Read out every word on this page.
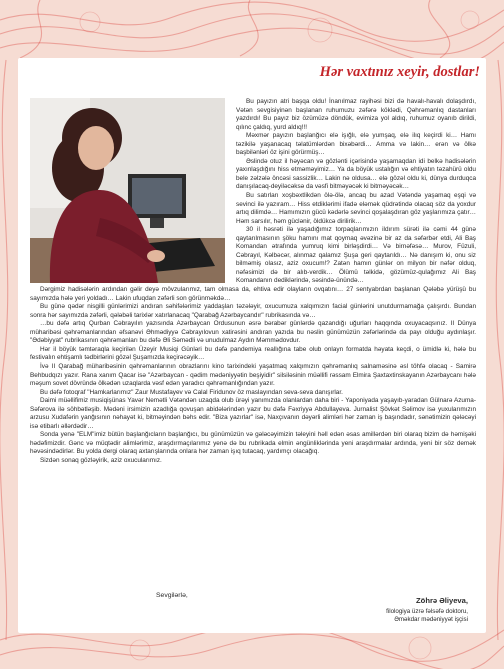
Hər vaxtınız xeyir, dostlar!

Bu payızın atri başqa oldu! İnanılmaz rayihəsi bizi də havalı-havalı dolaşdırdı, Vətən sevgisiyinən başlanan ruhumuzu zəfərə köklədi, Qəhrəmanlıq dastanları yazdırdı! Bu payız biz özümüzə döndük, evimiza yol aldıq, ruhumuz oyanıb dirildi, qılınc çaldıq, yurd aldıq!!!

Məxmər payızın başlanğıcı elə işığlı, elə yumşaq, elə ilıq keçirdi ki… Hamı təzikilə yaşanacaq təlatümlərdən bixəbərdi… Amma və lakin… erən və ölkə başbilənləri öz işini görürmüş…

Əslində otuz il həyəcan və gözlənti içərisində yaşamaqdan idi belkə hadisələrin yaxınlaşdığını hiss etməməyimiz… Ya da böyük ustalığın və ehtiyatın təzahürü oldu bele zəlzələ öncəsi sassizlik… Lakin nə oldusa… elə gözəl oldu ki, dünya durduqca danışılacaq-deyiləcəksə da vəsfi bitməyəcək ki bitməyəcək…

Bu satırları xoşbəxtlikdən ölə-ölə, ancaq bu azad Vətəndə yaşamaq eşqi və sevinci ilə yazıram… Hiss etdiklərimi ifadə eləmək qüdrətində olacaq söz da yoxdur artıq dilimdə… Hamımızın gücü kədərlə sevinci qoşalaşdıran göz yaşlarımıza çatır… Həm sarsılır, həm güclənir, öldükcə dirilirik…

30 il həsrəti ilə yaşadığımız torpaqlarımızın ildırım sürəti ilə cəmi 44 günə qaytarılmasının şöku hamını mat qoymaq əvəzinə bir az da səfərbər etdi, Ali Baş Komandan ətrafında yumruq kimi birləşdirdi… Və birnəfəsə… Murov, Füzuli, Cəbrayıl, Kəlbəcər, alınmaz qalamız Şuşa geri qaytarıldı… Nə danışım ki, onu siz bilməmiş olasız, aziz oxucum!? Zatən hamın günlər on milyon bir nəfər olduq, nəfəsimizi də bir alıb-verdik… Ölümü təlkidə, gözümüz-qulağımız Ali Baş Komandanın dediklərində, səsində-ünündə…

Dərgimiz hadisələrin ardından gəlir deyə mövzularımız, tam olmasa da, ehtiva edir olayların ovqatını… 27 sentyabrdan başlanan Qələbə yürüşü bu sayımızda hələ yeri yoldadı… Lakin ufuqdan zəfərli son görünməkdə…

Bu günə qədər nisgilli günlərimizi andıran səhifələrimiz yaddaşları təzələyir, oxucumuza xalqımızın facial günlərini unutdurmamağa çalışırdı. Bundan sonra hər sayımızda zəfərli, qələbəli tarixlər xatırlanacaq "Qarabağ Azərbaycandır" rubrikasında və…

…bu dəfə artıq Qurban Cəbrayılın yazısında Azərbaycan Ordusunun əsrə bərabər günlərdə qazandığı uğurları haqqında oxuyacaqsınız. II Dünya müharibəsi qəhrəmanlarından əfsanəvi Əhmədiyyə Cəbrayılovun xatirəsini andıran yazıda bu nəslin günümüzün zəfərlərində da payı olduğu aydınlaşır. "Ədəbiyyat" rubrikasının qəhrəmanları bu dəfə Əli Səmədli və unudulmaz Aydın Məmmədovdur.

Hər il böyük təmtəraqla keçirilən Üzeyir Musiqi Günləri bu dəfə pandemiya reallığına tabe olub onlayn formatda həyata keçdi, o ümidlə ki, hələ bu festivalın ehtişamlı tədbirlərini gözəl Şuşamızda keçirəcəyik…

İvə II Qarabağ müharibəsinin qəhrəmanlarının obrazlarını kino tarixindeki yaşatmaq xalqımızın qəhrəmanlıq salnaməsinə əsl töhfə olacaq - Samirə Behbudqızı yazır. Rana xanım Qacar isə "Azərbaycan - qədim mədəniyyətin beşiyidir" silsiləsinin müəllifi rəssam Elmira Şaxtaxtinskayanın Azərbaycanı hələ məşum sovet dövründə ölkədən uzaqlarda vəsf edən yaradıcı qəhrəmanlığından yazır.

Bu dəfə fotoqraf "Hamkarlarımız" Zaur Mustafayev və Calal Firidunov öz maslayından seva-seva danışırlar.

Daimi müəllifimiz musiqişünas Yavər Nemətli Vətəndən uzaqda olub ürəyi yanımızda olanlardan daha biri - Yaponiyada yaşayıb-yaradan Gülnarə Azuma-Səfərova ilə söhbətləşib. Mədəni irsimizin azadlığa qovuşan abidələrindən yazır bu dəfə Fəxriyyə Abdullayeva. Jurnalist Şövkət Səlimov isə yuxularımızın arzusu Xudafərin yanğısının nəhayət ki, bitməyindən bəhs edir. "Biza yazırlar" isə, Naxçıvanın dəyərli alimləri hər zaman iş başındadır, sənətimizin qələcəyi isə etibarlı əllərdədir…

Sonda yenə "ELM"imiz bütün başlanğıcların başlanğıcı, bu günümüzün və gələcəyimizin təleyini həll edən əsas amillərdən biri olaraq bizim də həmişəki hədəfimizdir. Gənc və müqtədir alimlərimiz, araşdırmaçılarımız yenə də bu rubrikada elmin əngünliklərinda yeni araşdırmalar ardında, yeni bir söz demək həvəsindədirlər. Bu yolda dergi olaraq axtarışlarında onlara hər zaman işıq tutacaq, yardımçı olacağıq.

Sizdən sonaq gözləyirik, aziz oxucularımız.

Sevgilərlə,
Zöhrə Əliyeva,
filologiya üzrə fəlsəfə doktoru,
Əməkdar mədəniyyət işçisi
